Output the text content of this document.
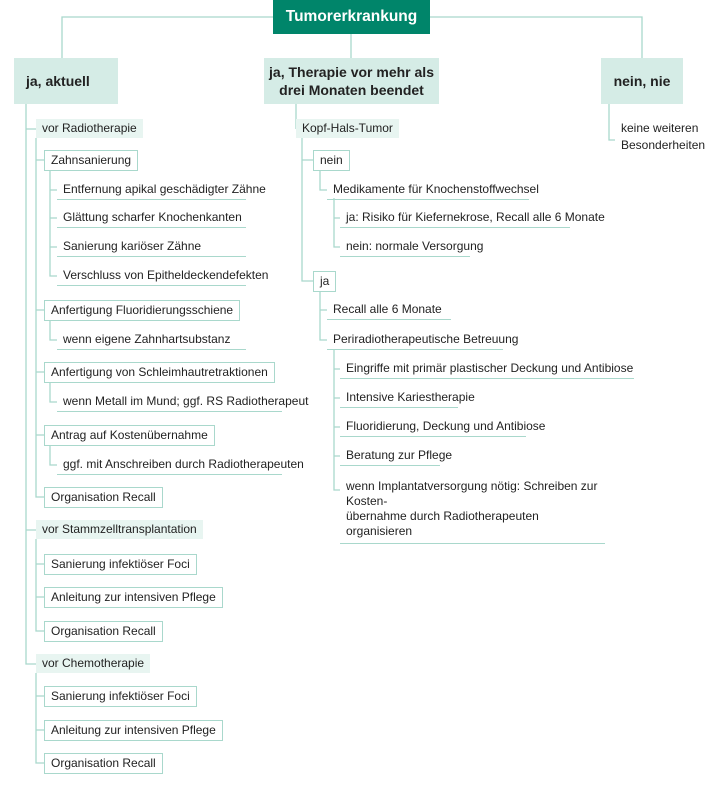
Tumorerkrankung
ja, aktuell
ja, Therapie vor mehr als
drei Monaten beendet
nein, nie
vor Radiotherapie
Zahnsanierung
Entfernung apikal geschädigter Zähne
Glättung scharfer Knochenkanten
Sanierung kariöser Zähne
Verschluss von Epitheldeckendefekten
Anfertigung Fluoridierungsschiene
wenn eigene Zahnhartsubstanz
Anfertigung von Schleimhautretraktionen
wenn Metall im Mund; ggf. RS Radiotherapeut
Antrag auf Kostenübernahme
ggf. mit Anschreiben durch Radiotherapeuten
Organisation Recall
vor Stammzelltransplantation
Sanierung infektiöser Foci
Anleitung zur intensiven Pflege
Organisation Recall
vor Chemotherapie
Sanierung infektiöser Foci
Anleitung zur intensiven Pflege
Organisation Recall
Kopf-Hals-Tumor
nein
Medikamente für Knochenstoffwechsel
ja: Risiko für Kiefernekrose, Recall alle 6 Monate
nein: normale Versorgung
ja
Recall alle 6 Monate
Periradiotherapeutische Betreuung
Eingriffe mit primär plastischer Deckung und Antibiose
Intensive Kariestherapie
Fluoridierung, Deckung und Antibiose
Beratung zur Pflege
wenn Implantatversorgung nötig: Schreiben zur Kosten-
übernahme durch Radiotherapeuten organisieren
keine weiteren
Besonderheiten
